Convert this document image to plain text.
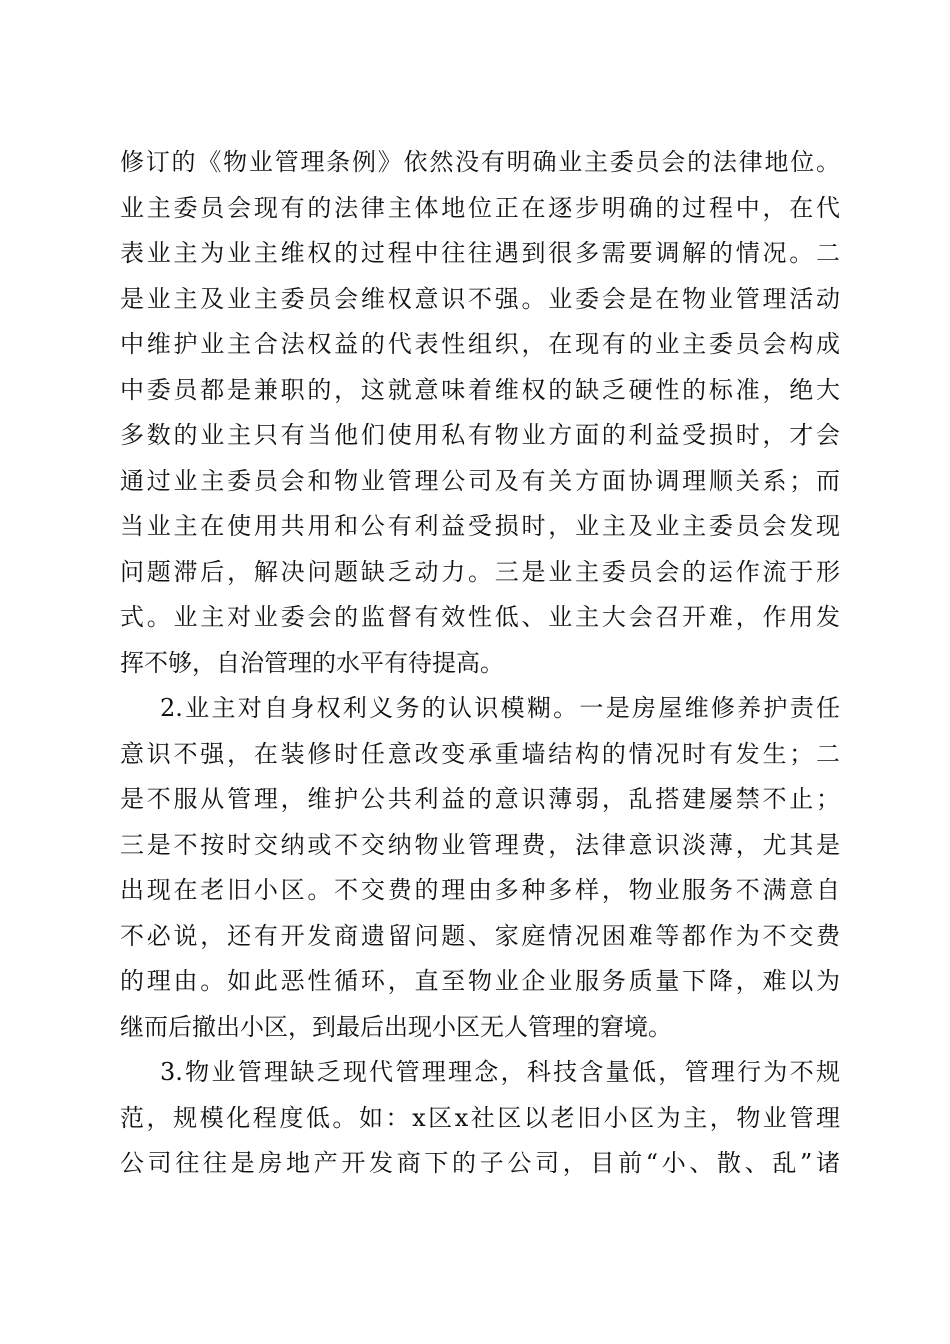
修订的《物业管理条例》依然没有明确业主委员会的法律地位。
业主委员会现有的法律主体地位正在逐步明确的过程中，在代
表业主为业主维权的过程中往往遇到很多需要调解的情况。二
是业主及业主委员会维权意识不强。业委会是在物业管理活动
中维护业主合法权益的代表性组织，在现有的业主委员会构成
中委员都是兼职的，这就意味着维权的缺乏硬性的标准，绝大
多数的业主只有当他们使用私有物业方面的利益受损时，才会
通过业主委员会和物业管理公司及有关方面协调理顺关系；而
当业主在使用共用和公有利益受损时，业主及业主委员会发现
问题滞后，解决问题缺乏动力。三是业主委员会的运作流于形
式。业主对业委会的监督有效性低、业主大会召开难，作用发
挥不够，自治管理的水平有待提高。
2.业主对自身权利义务的认识模糊。一是房屋维修养护责任
意识不强，在装修时任意改变承重墙结构的情况时有发生；二
是不服从管理，维护公共利益的意识薄弱，乱搭建屡禁不止；
三是不按时交纳或不交纳物业管理费，法律意识淡薄，尤其是
出现在老旧小区。不交费的理由多种多样，物业服务不满意自
不必说，还有开发商遗留问题、家庭情况困难等都作为不交费
的理由。如此恶性循环，直至物业企业服务质量下降，难以为
继而后撤出小区，到最后出现小区无人管理的窘境。
3.物业管理缺乏现代管理理念，科技含量低，管理行为不规
范，规模化程度低。如：x区x社区以老旧小区为主，物业管理
公司往往是房地产开发商下的子公司，目前“小、散、乱”诸
